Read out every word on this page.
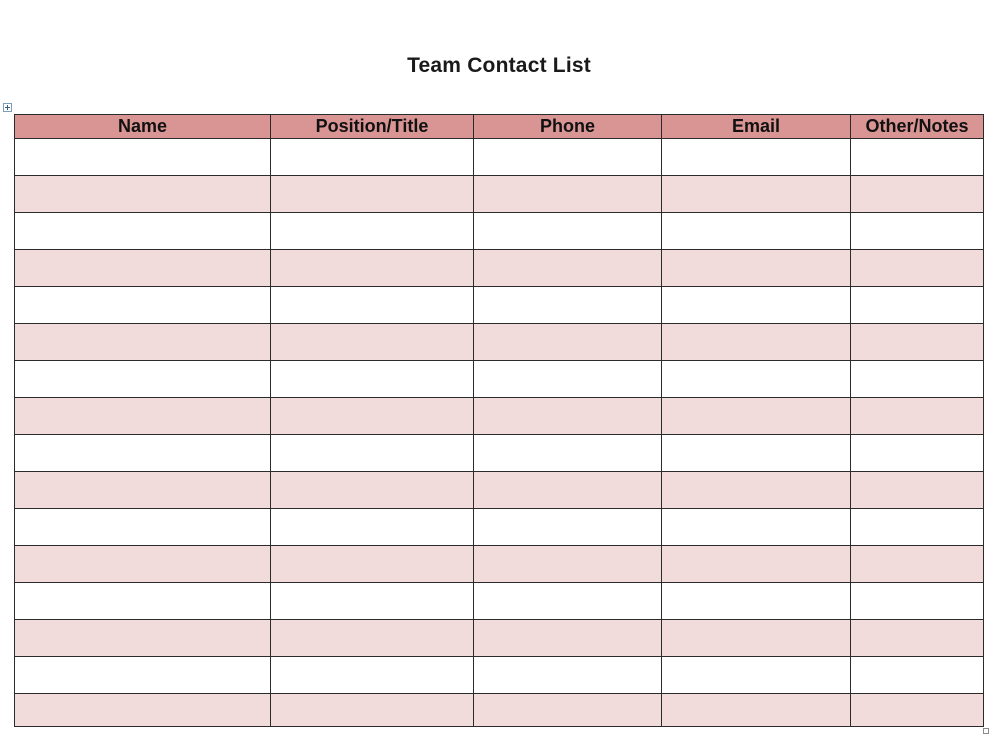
Team Contact List
Name	Position/Title	Phone	Email	Other/Notes
